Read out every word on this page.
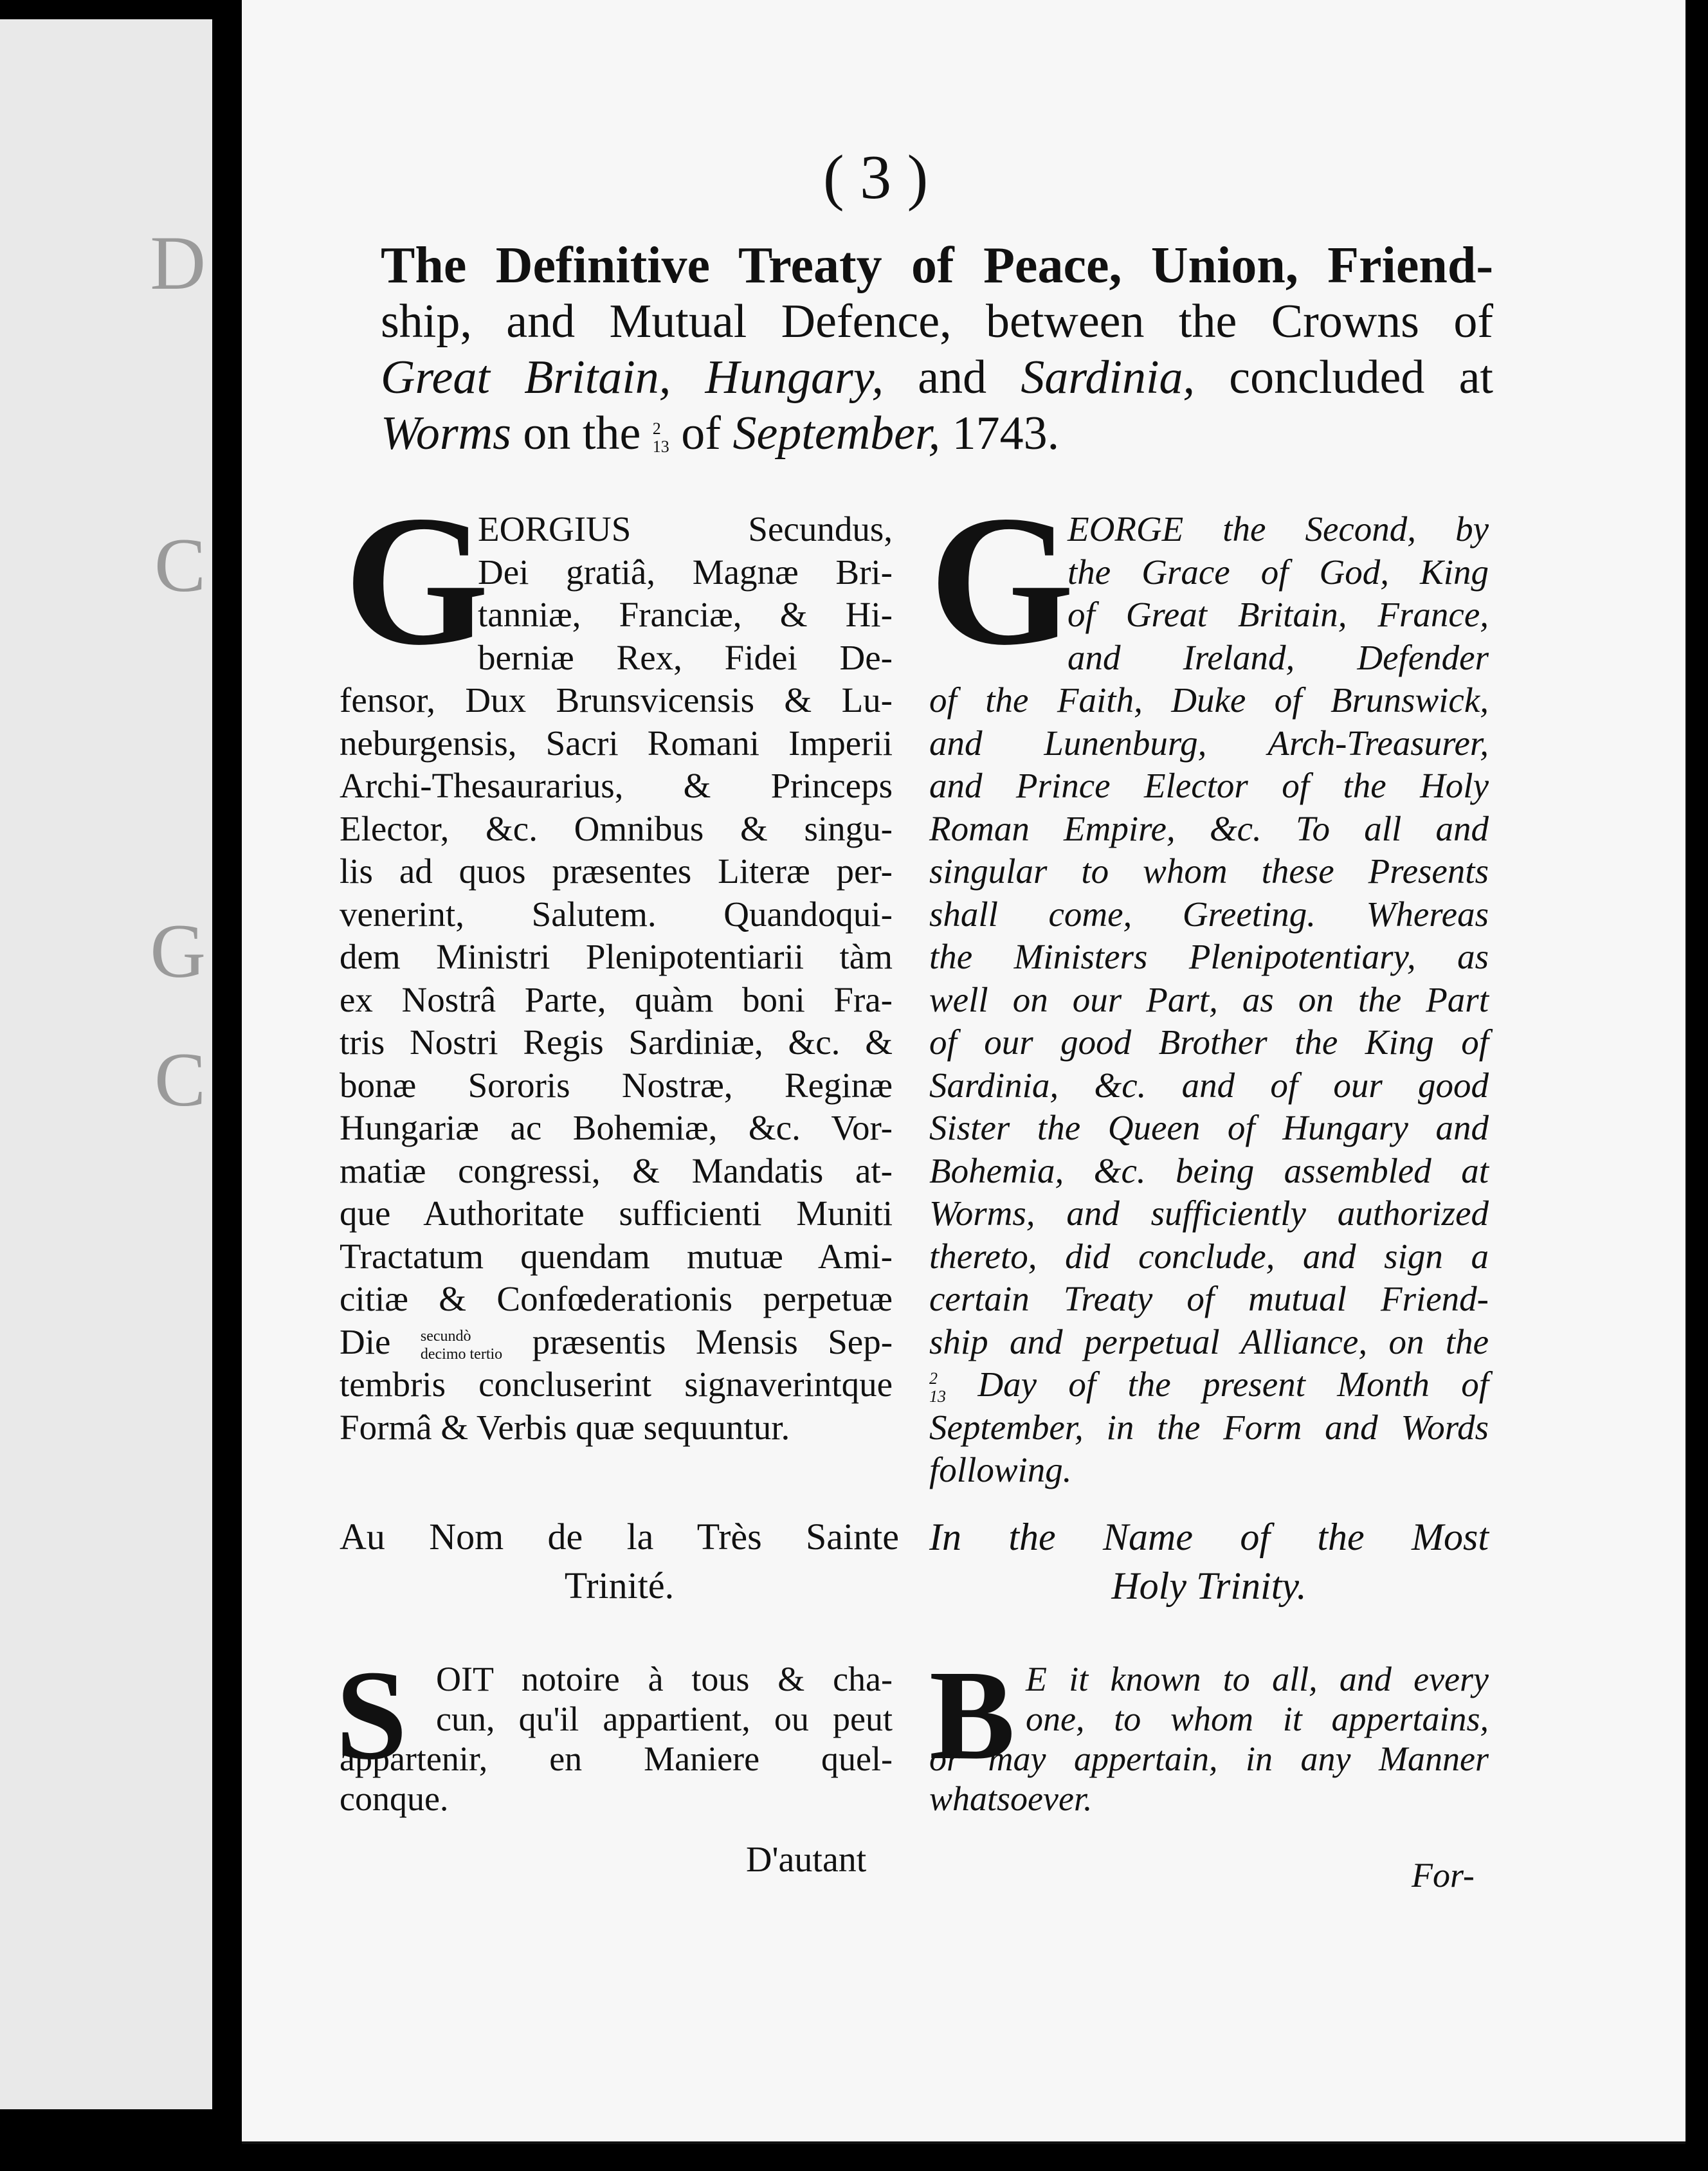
D
C
G
C
( 3 )
The Definitive Treaty of Peace, Union, Friend-
ship, and Mutual Defence, between the Crowns of
Great Britain, Hungary, and Sardinia, concluded at
Worms on the 2
13 of September, 1743.
G
EORGIUS Secundus,
Dei gratiâ, Magnæ Bri-
tanniæ, Franciæ, & Hi-
berniæ Rex, Fidei De-
fensor, Dux Brunsvicensis & Lu-
neburgensis, Sacri Romani Imperii
Archi-Thesaurarius, & Princeps
Elector, &c. Omnibus & singu-
lis ad quos præsentes Literæ per-
venerint, Salutem. Quandoqui-
dem Ministri Plenipotentiarii tàm
ex Nostrâ Parte, quàm boni Fra-
tris Nostri Regis Sardiniæ, &c. &
bonæ Sororis Nostræ, Reginæ
Hungariæ ac Bohemiæ, &c. Vor-
matiæ congressi, & Mandatis at-
que Authoritate sufficienti Muniti
Tractatum quendam mutuæ Ami-
citiæ & Confœderationis perpetuæ
Die secundò
decimo tertio præsentis Mensis Sep-
tembris concluserint signaverintque
Formâ & Verbis quæ sequuntur.
G
EORGE the Second, by
the Grace of God, King
of Great Britain, France,
and Ireland, Defender
of the Faith, Duke of Brunswick,
and Lunenburg, Arch-Treasurer,
and Prince Elector of the Holy
Roman Empire, &c. To all and
singular to whom these Presents
shall come, Greeting. Whereas
the Ministers Plenipotentiary, as
well on our Part, as on the Part
of our good Brother the King of
Sardinia, &c. and of our good
Sister the Queen of Hungary and
Bohemia, &c. being assembled at
Worms, and sufficiently authorized
thereto, did conclude, and sign a
certain Treaty of mutual Friend-
ship and perpetual Alliance, on the
2
13 Day of the present Month of
September, in the Form and Words
following.
Au Nom de la Très Sainte
Trinité.
In the Name of the Most
Holy Trinity.
S OIT notoire à tous & cha-
cun, qu'il appartient, ou peut
appartenir, en Maniere quel-
conque.
B E it known to all, and every
one, to whom it appertains,
or may appertain, in any Manner
whatsoever.
D'autant	For-
